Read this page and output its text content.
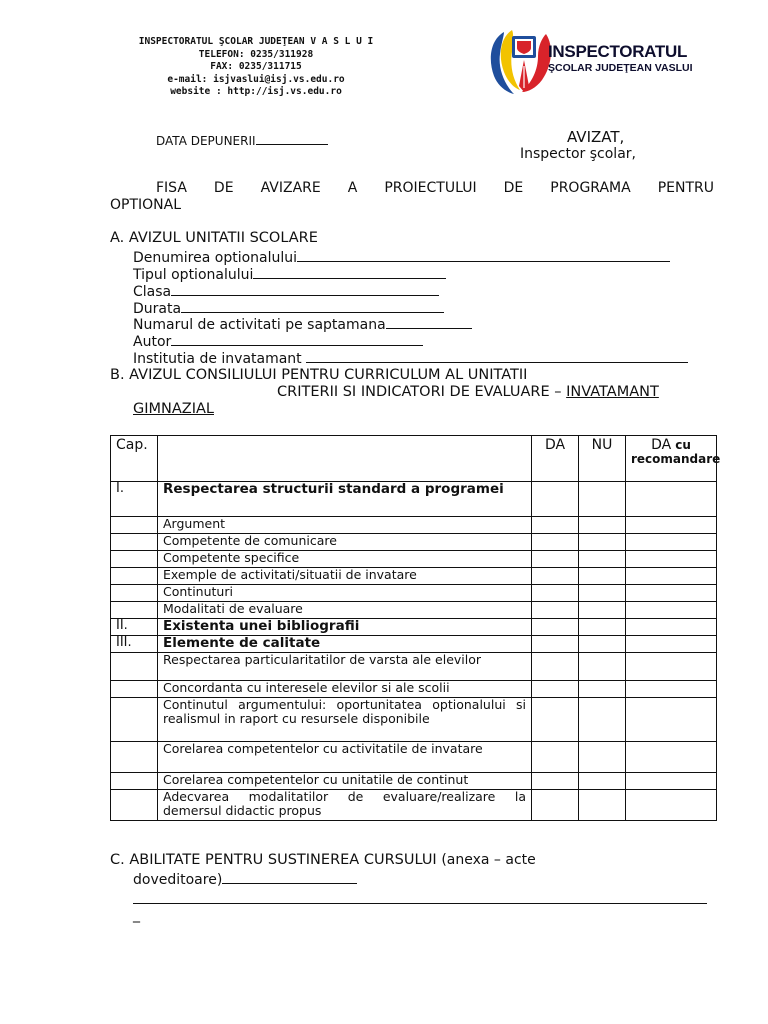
INSPECTORATUL ŞCOLAR JUDEŢEAN V A S L U I
TELEFON: 0235/311928
FAX: 0235/311715
e-mail: isjvaslui@isj.vs.edu.ro
website : http://isj.vs.edu.ro
INSPECTORATUL
ŞCOLAR JUDEŢEAN VASLUI
DATA DEPUNERII	AVIZAT,
Inspector şcolar,
FISA DE AVIZARE A PROIECTULUI DE PROGRAMA PENTRU
OPTIONAL
A. AVIZUL UNITATII SCOLARE
Denumirea optionalului
Tipul optionalului
Clasa
Durata
Numarul de activitati pe saptamana
Autor
Institutia de invatamant
B. AVIZUL CONSILIULUI PENTRU CURRICULUM AL UNITATII
CRITERII SI INDICATORI DE EVALUARE – INVATAMANT
GIMNAZIAL
Cap.		DA	NU	DA cu recomandare
I.	Respectarea structurii standard a programei			
	Argument			
	Competente de comunicare			
	Competente specifice			
	Exemple de activitati/situatii de invatare			
	Continuturi			
	Modalitati de evaluare			
II.	Existenta unei bibliografii			
III.	Elemente de calitate			
	Respectarea particularitatilor de varsta ale elevilor			
	Concordanta cu interesele elevilor si ale scolii			
	Continutul argumentului: oportunitatea optionalului si realismul in raport cu resursele disponibile			
	Corelarea competentelor cu activitatile de invatare			
	Corelarea competentelor cu unitatile de continut			
	Adecvarea modalitatilor de evaluare/realizare la demersul didactic propus			
C. ABILITATE PENTRU SUSTINEREA CURSULUI (anexa – acte
doveditoare)
_
